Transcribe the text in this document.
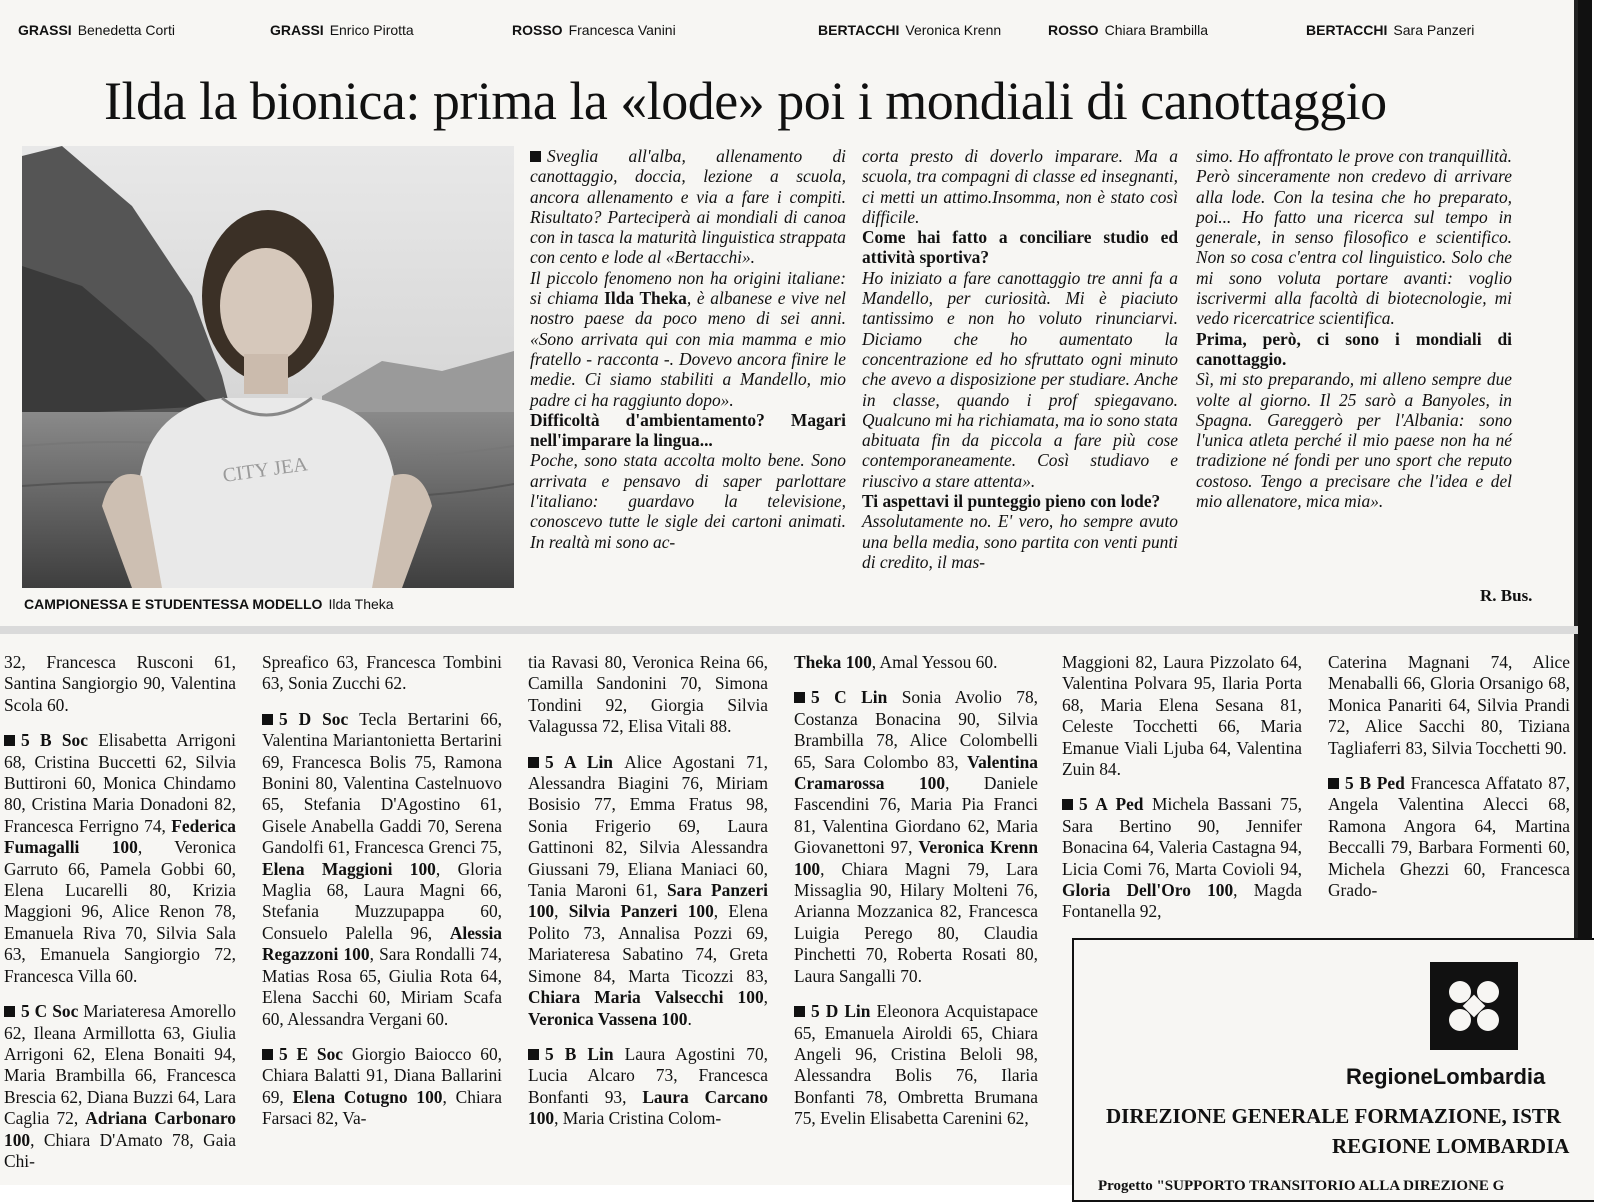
GRASSI Benedetta Corti	GRASSI Enrico Pirotta	ROSSO Francesca Vanini	BERTACCHI Veronica Krenn	ROSSO Chiara Brambilla	BERTACCHI Sara Panzeri
Ilda la bionica: prima la «lode» poi i mondiali di canottaggio
CITY JEA
CAMPIONESSA E STUDENTESSA MODELLO Ilda Theka

Sveglia all'alba, allenamento di canottaggio, doccia, lezione a scuola, ancora allenamento e via a fare i compiti. Risultato? Parteciperà ai mondiali di canoa con in tasca la maturità linguistica strappata con cento e lode al «Bertacchi».

Il piccolo fenomeno non ha origini italiane: si chiama Ilda Theka, è albanese e vive nel nostro paese da poco meno di sei anni. «Sono arrivata qui con mia mamma e mio fratello - racconta -. Dovevo ancora finire le medie. Ci siamo stabiliti a Mandello, mio padre ci ha raggiunto dopo».

Difficoltà d'ambientamento? Magari nell'imparare la lingua...

Poche, sono stata accolta molto bene. Sono arrivata e pensavo di saper parlottare l'italiano: guardavo la televisione, conoscevo tutte le sigle dei cartoni animati. In realtà mi sono ac-

corta presto di doverlo imparare. Ma a scuola, tra compagni di classe ed insegnanti, ci metti un attimo.Insomma, non è stato così difficile.

Come hai fatto a conciliare studio ed attività sportiva?

Ho iniziato a fare canottaggio tre anni fa a Mandello, per curiosità. Mi è piaciuto tantissimo e non ho voluto rinunciarvi. Diciamo che ho aumentato la concentrazione ed ho sfruttato ogni minuto che avevo a disposizione per studiare. Anche in classe, quando i prof spiegavano. Qualcuno mi ha richiamata, ma io sono stata abituata fin da piccola a fare più cose contemporaneamente. Così studiavo e riuscivo a stare attenta».

Ti aspettavi il punteggio pieno con lode?

Assolutamente no. E' vero, ho sempre avuto una bella media, sono partita con venti punti di credito, il mas-

simo. Ho affrontato le prove con tranquillità. Però sinceramente non credevo di arrivare alla lode. Con la tesina che ho preparato, poi... Ho fatto una ricerca sul tempo in generale, in senso filosofico e scientifico. Non so cosa c'entra col linguistico. Solo che mi sono voluta portare avanti: voglio iscrivermi alla facoltà di biotecnologie, mi vedo ricercatrice scientifica.

Prima, però, ci sono i mondiali di canottaggio.

Sì, mi sto preparando, mi alleno sempre due volte al giorno. Il 25 sarò a Banyoles, in Spagna. Gareggerò per l'Albania: sono l'unica atleta perché il mio paese non ha né tradizione né fondi per uno sport che reputo costoso. Tengo a precisare che l'idea e del mio allenatore, mica mia».

R. Bus.

32, Francesca Rusconi 61, Santina Sangiorgio 90, Valentina Scola 60.

5 B Soc Elisabetta Arrigoni 68, Cristina Buccetti 62, Silvia Buttironi 60, Monica Chindamo 80, Cristina Maria Donadoni 82, Francesca Ferrigno 74, Federica Fumagalli 100, Veronica Garruto 66, Pamela Gobbi 60, Elena Lucarelli 80, Krizia Maggioni 96, Alice Renon 78, Emanuela Riva 70, Silvia Sala 63, Emanuela Sangiorgio 72, Francesca Villa 60.

5 C Soc Mariateresa Amorello 62, Ileana Armillotta 63, Giulia Arrigoni 62, Elena Bonaiti 94, Maria Brambilla 66, Francesca Brescia 62, Diana Buzzi 64, Lara Caglia 72, Adriana Carbonaro 100, Chiara D'Amato 78, Gaia Chi-

Spreafico 63, Francesca Tombini 63, Sonia Zucchi 62.

5 D Soc Tecla Bertarini 66, Valentina Mariantonietta Bertarini 69, Francesca Bolis 75, Ramona Bonini 80, Valentina Castelnuovo 65, Stefania D'Agostino 61, Gisele Anabella Gaddi 70, Serena Gandolfi 61, Francesca Grenci 75, Elena Maggioni 100, Gloria Maglia 68, Laura Magni 66, Stefania Muzzupappa 60, Consuelo Palella 96, Alessia Regazzoni 100, Sara Rondalli 74, Matias Rosa 65, Giulia Rota 64, Elena Sacchi 60, Miriam Scafa 60, Alessandra Vergani 60.

5 E Soc Giorgio Baiocco 60, Chiara Balatti 91, Diana Ballarini 69, Elena Cotugno 100, Chiara Farsaci 82, Va-

tia Ravasi 80, Veronica Reina 66, Camilla Sandonini 70, Simona Tondini 92, Giorgia Silvia Valagussa 72, Elisa Vitali 88.

5 A Lin Alice Agostani 71, Alessandra Biagini 76, Miriam Bosisio 77, Emma Fratus 98, Sonia Frigerio 69, Laura Gattinoni 82, Silvia Alessandra Giussani 79, Eliana Maniaci 60, Tania Maroni 61, Sara Panzeri 100, Silvia Panzeri 100, Elena Polito 73, Annalisa Pozzi 69, Mariateresa Sabatino 74, Greta Simone 84, Marta Ticozzi 83, Chiara Maria Valsecchi 100, Veronica Vassena 100.

5 B Lin Laura Agostini 70, Lucia Alcaro 73, Francesca Bonfanti 93, Laura Carcano 100, Maria Cristina Colom-

Theka 100, Amal Yessou 60.

5 C Lin Sonia Avolio 78, Costanza Bonacina 90, Silvia Brambilla 78, Alice Colombelli 65, Sara Colombo 83, Valentina Cramarossa 100, Daniele Fascendini 76, Maria Pia Franci 81, Valentina Giordano 62, Maria Giovanettoni 97, Veronica Krenn 100, Chiara Magni 79, Lara Missaglia 90, Hilary Molteni 76, Arianna Mozzanica 82, Francesca Luigia Perego 80, Claudia Pinchetti 70, Roberta Rosati 80, Laura Sangalli 70.

5 D Lin Eleonora Acquistapace 65, Emanuela Airoldi 65, Chiara Angeli 96, Cristina Beloli 98, Alessandra Bolis 76, Ilaria Bonfanti 78, Ombretta Brumana 75, Evelin Elisabetta Carenini 62,

Maggioni 82, Laura Pizzolato 64, Valentina Polvara 95, Ilaria Porta 68, Maria Elena Sesana 81, Celeste Tocchetti 66, Maria Emanue Viali Ljuba 64, Valentina Zuin 84.

5 A Ped Michela Bassani 75, Sara Bertino 90, Jennifer Bonacina 64, Valeria Castagna 94, Licia Comi 76, Marta Covioli 94, Gloria Dell'Oro 100, Magda Fontanella 92,

Caterina Magnani 74, Alice Menaballi 66, Gloria Orsanigo 68, Monica Panariti 64, Silvia Prandi 72, Alice Sacchi 80, Tiziana Tagliaferri 83, Silvia Tocchetti 90.

5 B Ped Francesca Affatato 87, Angela Valentina Alecci 68, Ramona Angora 64, Martina Beccalli 79, Barbara Formenti 60, Michela Ghezzi 60, Francesca Grado-

RegioneLombardia
DIREZIONE GENERALE FORMAZIONE, ISTR
REGIONE LOMBARDIA
Progetto "SUPPORTO TRANSITORIO ALLA DIREZIONE G
